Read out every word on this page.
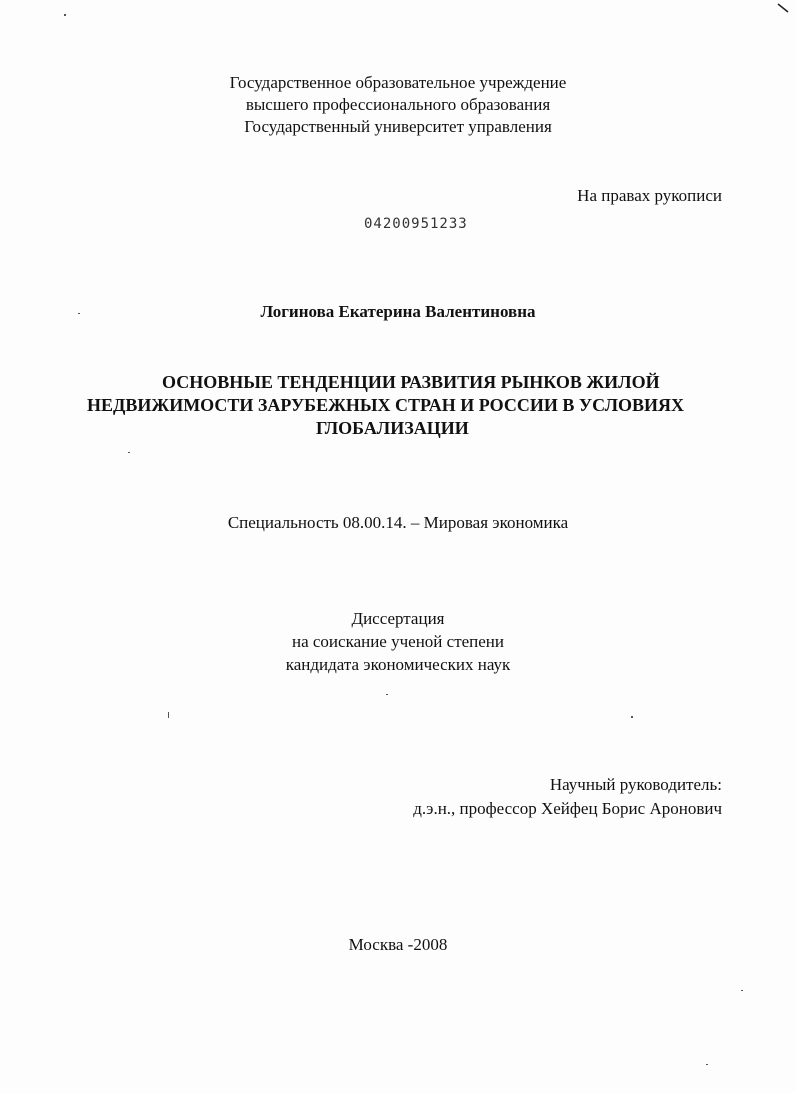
Государственное образовательное учреждение
высшего профессионального образования
Государственный университет управления
На правах рукописи
04200951233
Логинова Екатерина Валентиновна
ОСНОВНЫЕ ТЕНДЕНЦИИ РАЗВИТИЯ РЫНКОВ ЖИЛОЙ
НЕДВИЖИМОСТИ ЗАРУБЕЖНЫХ СТРАН И РОССИИ В УСЛОВИЯХ
ГЛОБАЛИЗАЦИИ
Специальность 08.00.14. – Мировая экономика
Диссертация
на соискание ученой степени
кандидата экономических наук
Научный руководитель:
д.э.н., профессор Хейфец Борис Аронович
Москва -2008
